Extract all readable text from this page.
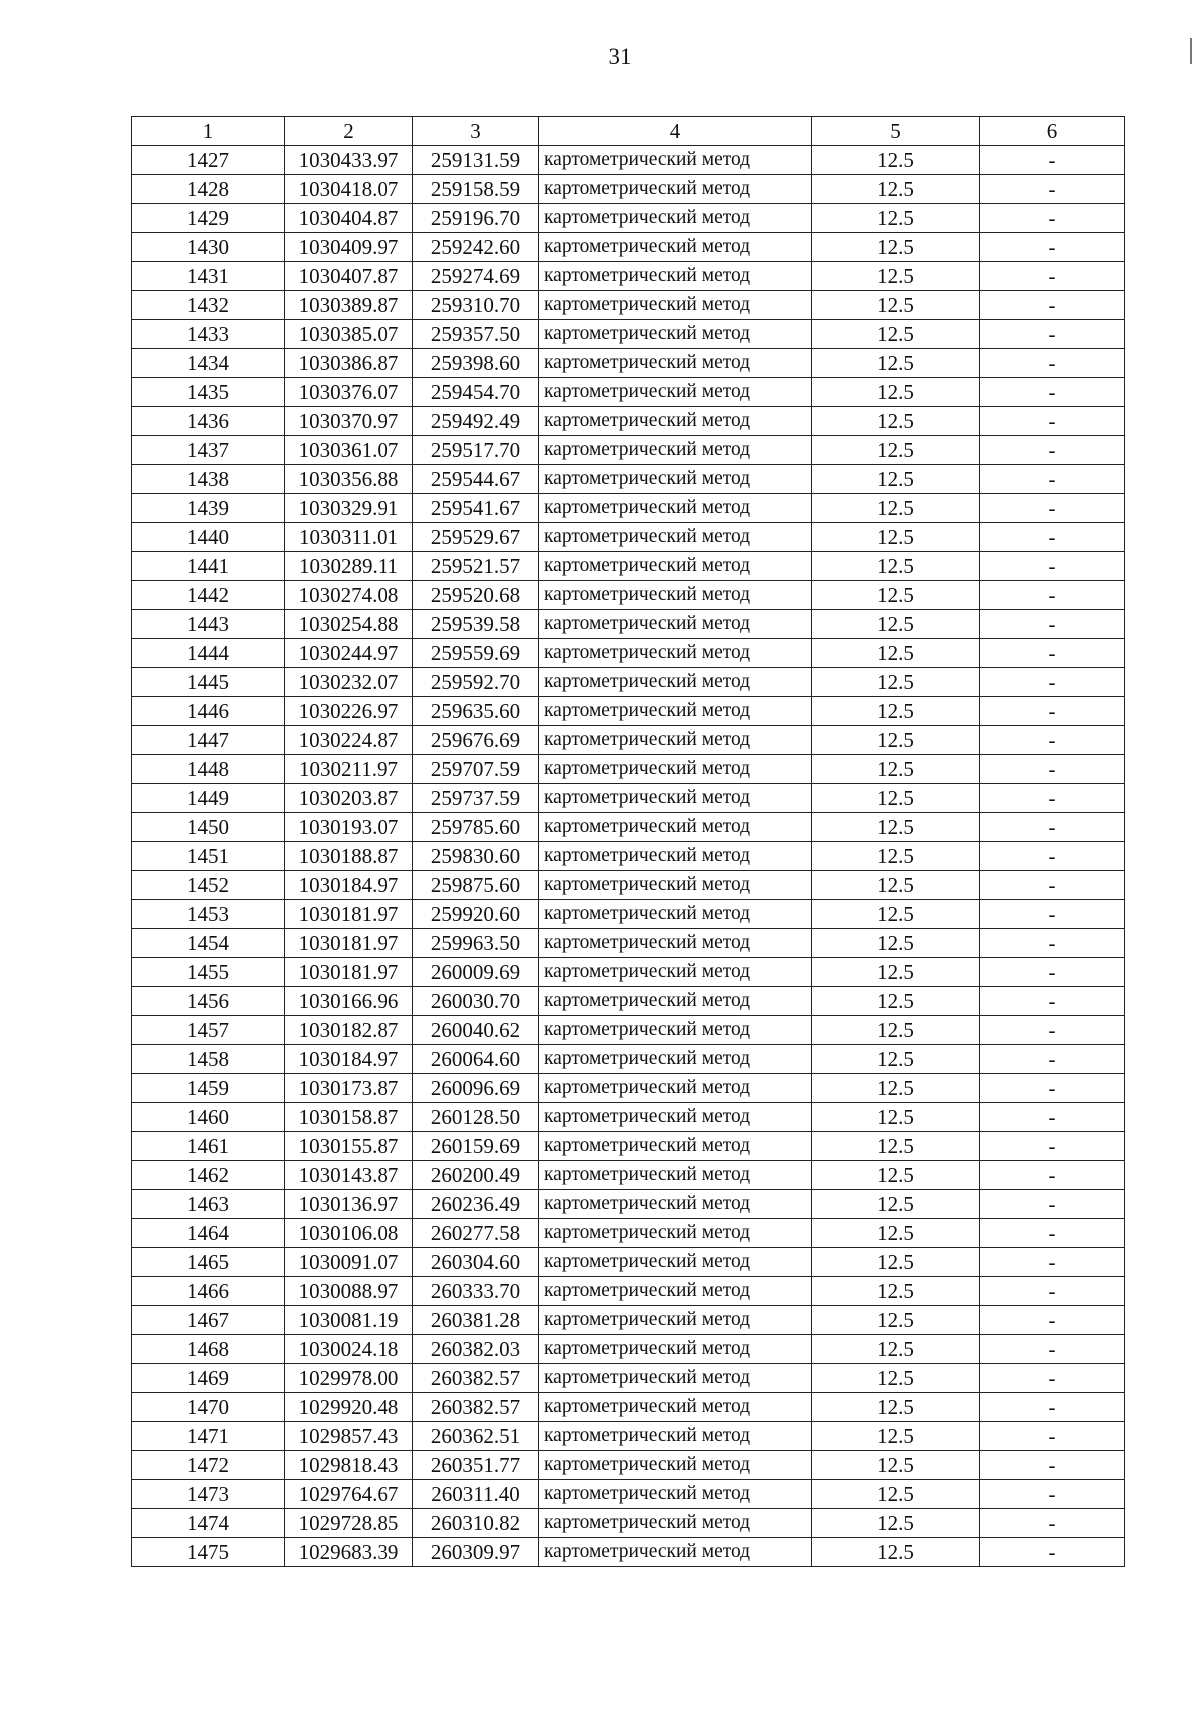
31
1	2	3	4	5	6
1427	1030433.97	259131.59	картометрический метод	12.5	-
1428	1030418.07	259158.59	картометрический метод	12.5	-
1429	1030404.87	259196.70	картометрический метод	12.5	-
1430	1030409.97	259242.60	картометрический метод	12.5	-
1431	1030407.87	259274.69	картометрический метод	12.5	-
1432	1030389.87	259310.70	картометрический метод	12.5	-
1433	1030385.07	259357.50	картометрический метод	12.5	-
1434	1030386.87	259398.60	картометрический метод	12.5	-
1435	1030376.07	259454.70	картометрический метод	12.5	-
1436	1030370.97	259492.49	картометрический метод	12.5	-
1437	1030361.07	259517.70	картометрический метод	12.5	-
1438	1030356.88	259544.67	картометрический метод	12.5	-
1439	1030329.91	259541.67	картометрический метод	12.5	-
1440	1030311.01	259529.67	картометрический метод	12.5	-
1441	1030289.11	259521.57	картометрический метод	12.5	-
1442	1030274.08	259520.68	картометрический метод	12.5	-
1443	1030254.88	259539.58	картометрический метод	12.5	-
1444	1030244.97	259559.69	картометрический метод	12.5	-
1445	1030232.07	259592.70	картометрический метод	12.5	-
1446	1030226.97	259635.60	картометрический метод	12.5	-
1447	1030224.87	259676.69	картометрический метод	12.5	-
1448	1030211.97	259707.59	картометрический метод	12.5	-
1449	1030203.87	259737.59	картометрический метод	12.5	-
1450	1030193.07	259785.60	картометрический метод	12.5	-
1451	1030188.87	259830.60	картометрический метод	12.5	-
1452	1030184.97	259875.60	картометрический метод	12.5	-
1453	1030181.97	259920.60	картометрический метод	12.5	-
1454	1030181.97	259963.50	картометрический метод	12.5	-
1455	1030181.97	260009.69	картометрический метод	12.5	-
1456	1030166.96	260030.70	картометрический метод	12.5	-
1457	1030182.87	260040.62	картометрический метод	12.5	-
1458	1030184.97	260064.60	картометрический метод	12.5	-
1459	1030173.87	260096.69	картометрический метод	12.5	-
1460	1030158.87	260128.50	картометрический метод	12.5	-
1461	1030155.87	260159.69	картометрический метод	12.5	-
1462	1030143.87	260200.49	картометрический метод	12.5	-
1463	1030136.97	260236.49	картометрический метод	12.5	-
1464	1030106.08	260277.58	картометрический метод	12.5	-
1465	1030091.07	260304.60	картометрический метод	12.5	-
1466	1030088.97	260333.70	картометрический метод	12.5	-
1467	1030081.19	260381.28	картометрический метод	12.5	-
1468	1030024.18	260382.03	картометрический метод	12.5	-
1469	1029978.00	260382.57	картометрический метод	12.5	-
1470	1029920.48	260382.57	картометрический метод	12.5	-
1471	1029857.43	260362.51	картометрический метод	12.5	-
1472	1029818.43	260351.77	картометрический метод	12.5	-
1473	1029764.67	260311.40	картометрический метод	12.5	-
1474	1029728.85	260310.82	картометрический метод	12.5	-
1475	1029683.39	260309.97	картометрический метод	12.5	-
